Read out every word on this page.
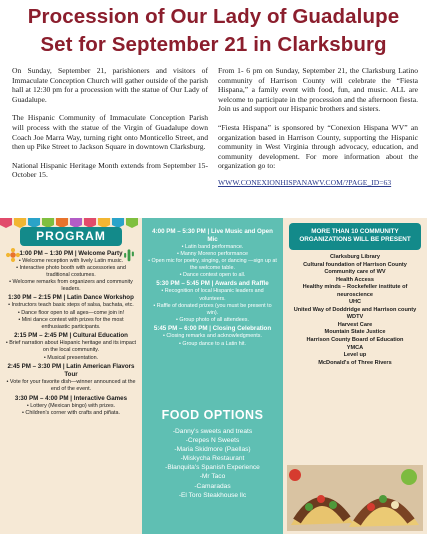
Procession of Our Lady of Guadalupe
Set for September 21 in Clarksburg

On Sunday, September 21, parishioners and visitors of Immaculate Conception Church will gather outside of the parish hall at 12:30 pm for a procession with the statue of Our Lady of Guadalupe.

The Hispanic Community of Immaculate Conception Parish will process with the statue of the Virgin of Guadalupe down Coach Joe Marra Way, turning right onto Monticello Street, and then up Pike Street to Jackson Square in downtown Clarksburg.

National Hispanic Heritage Month extends from September 15-October 15.

From 1- 6 pm on Sunday, September 21, the Clarksburg Latino community of Harrison County will celebrate the “Fiesta Hispana,” a family event with food, fun, and music. ALL are welcome to participate in the procession and the afternoon fiesta. Join us and support our Hispanic brothers and sisters.

“Fiesta Hispana” is sponsored by “Conexion Hispana WV” an organization based in Harrison County, supporting the Hispanic community in West Virginia through advocacy, education, and community development. For more information about the organization go to:

WWW.CONEXIONHISPANAWV.COM/?PAGE_ID=63
PROGRAM
1:00 PM – 1:30 PM | Welcome Party
• Welcome reception with lively Latin music.
• Interactive photo booth with accessories and traditional costumes.
• Welcome remarks from organizers and community leaders.
1:30 PM – 2:15 PM | Latin Dance Workshop
• Instructors teach basic steps of salsa, bachata, etc.
• Dance floor open to all ages—come join in!
• Mini dance contest with prizes for the most enthusiastic participants.
2:15 PM – 2:45 PM | Cultural Education
• Brief narration about Hispanic heritage and its impact on the local community.
• Musical presentation.
2:45 PM – 3:30 PM | Latin American Flavors Tour
• Vote for your favorite dish—winner announced at the end of the event.
3:30 PM – 4:00 PM | Interactive Games
• Lottery (Mexican bingo) with prizes.
• Children's corner with crafts and piñata.
4:00 PM – 5:30 PM | Live Music and Open Mic
• Latin band performance.
• Manny Moreno performance
• Open mic for poetry, singing, or dancing —sign up at the welcome table.
• Dance contest open to all.
5:30 PM – 5:45 PM | Awards and Raffle
• Recognition of local Hispanic leaders and volunteers.
• Raffle of donated prizes (you must be present to win).
• Group photo of all attendees.
5:45 PM – 6:00 PM | Closing Celebration
• Closing remarks and acknowledgments.
• Group dance to a Latin hit.
FOOD OPTIONS
-Danny's sweets and treats
-Crepes N Sweets
-Maria Skidmore (Paellas)
-Miskycha Restaurant
-Blanquita's Spanish Experience
-Mr Taco
-Camaradas
-El Toro Steakhouse llc
MORE THAN 10 COMMUNITY
ORGANIZATIONS WILL BE PRESENT
Clarksburg Library
Cultural foundation of Harrison County
Community care of WV
Health Access
Healthy minds – Rockefeller institute of neuroscience
UHC
United Way of Doddridge and Harrison county
WDTV
Harvest Care
Mountain State Justice
Harrison County Board of Education
YMCA
Level up
McDonald's of Three Rivers
